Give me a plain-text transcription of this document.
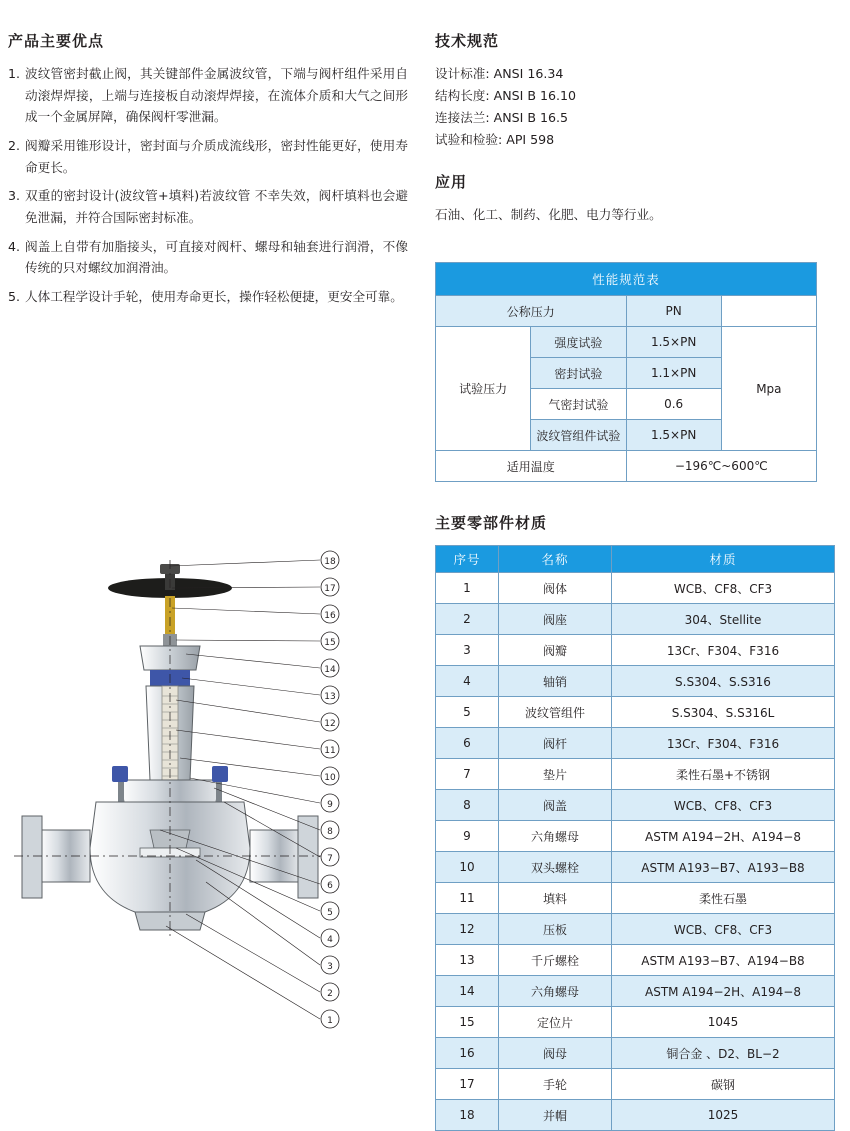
产品主要优点
1. 波纹管密封截止阀，其关键部件金属波纹管，下端与阀杆组件采用自动滚焊焊接，上端与连接板自动滚焊焊接，在流体介质和大气之间形成一个金属屏障，确保阀杆零泄漏。
2. 阀瓣采用锥形设计，密封面与介质成流线形，密封性能更好，使用寿命更长。
3. 双重的密封设计(波纹管+填料)若波纹管 不幸失效，阀杆填料也会避免泄漏，并符合国际密封标准。
4. 阀盖上自带有加脂接头，可直接对阀杆、螺母和轴套进行润滑，不像传统的只对螺纹加润滑油。
5. 人体工程学设计手轮，使用寿命更长，操作轻松便捷，更安全可靠。
技术规范
设计标准: ANSI 16.34
结构长度: ANSI B 16.10
连接法兰: ANSI B 16.5
试验和检验: API 598
应用
石油、化工、制药、化肥、电力等行业。
性能规范表			
公称压力		PN	
试验压力	强度试验	1.5×PN	Mpa
	密封试验	1.1×PN	
	气密封试验	0.6	
	波纹管组件试验	1.5×PN	
适用温度		−196℃~600℃	
主要零部件材质
序号	名称	材质
1	阀体	WCB、CF8、CF3
2	阀座	304、Stellite
3	阀瓣	13Cr、F304、F316
4	轴销	S.S304、S.S316
5	波纹管组件	S.S304、S.S316L
6	阀杆	13Cr、F304、F316
7	垫片	柔性石墨+不锈钢
8	阀盖	WCB、CF8、CF3
9	六角螺母	ASTM A194−2H、A194−8
10	双头螺栓	ASTM A193−B7、A193−B8
11	填料	柔性石墨
12	压板	WCB、CF8、CF3
13	千斤螺栓	ASTM A193−B7、A194−B8
14	六角螺母	ASTM A194−2H、A194−8
15	定位片	1045
16	阀母	铜合金 、D2、BL−2
17	手轮	碳钢
18	并帽	1025
18
17
16
15
14
13
12
11
10
9
8
7
6
5
4
3
2
1
